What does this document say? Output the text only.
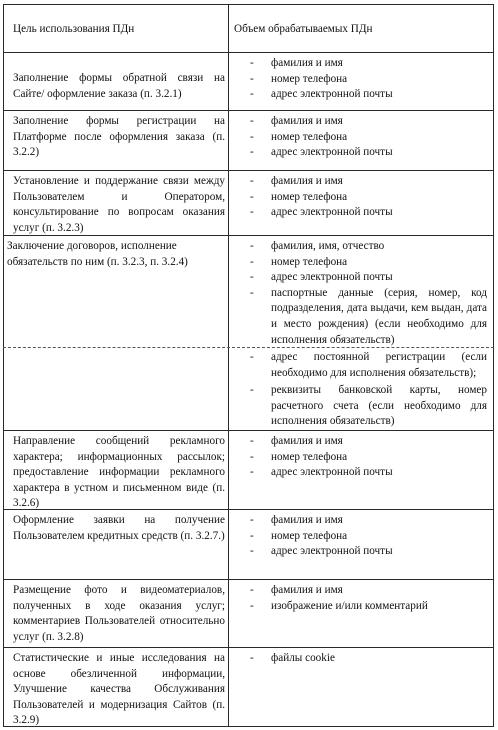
Цель использования ПДн	Объем обрабатываемых ПДн
Заполнение формы обратной связи на Сайте/ оформление заказа (п. 3.2.1)
- фамилия и имя
- номер телефона
- адрес электронной почты
Заполнение формы регистрации на Платформе после оформления заказа (п. 3.2.2)
- фамилия и имя
- номер телефона
- адрес электронной почты
Установление и поддержание связи между Пользователем и Оператором, консультирование по вопросам оказания услуг (п. 3.2.3)
- фамилия и имя
- номер телефона
- адрес электронной почты
Заключение договоров, исполнение обязательств по ним (п. 3.2.3, п. 3.2.4)
- фамилия, имя, отчество
- номер телефона
- адрес электронной почты
- паспортные данные (серия, номер, код подразделения, дата выдачи, кем выдан, дата и место рождения) (если необходимо для исполнения обязательств)
- адрес постоянной регистрации (если необходимо для исполнения обязательств);
- реквизиты банковской карты, номер расчетного счета (если необходимо для исполнения обязательств)
Направление сообщений рекламного характера; информационных рассылок; предоставление информации рекламного характера в устном и письменном виде (п. 3.2.6)
- фамилия и имя
- номер телефона
- адрес электронной почты
Оформление заявки на получение Пользователем кредитных средств (п. 3.2.7.)
- фамилия и имя
- номер телефона
- адрес электронной почты
Размещение фото и видеоматериалов, полученных в ходе оказания услуг; комментариев Пользователей относительно услуг (п. 3.2.8)
- фамилия и имя
- изображение и/или комментарий
Статистические и иные исследования на основе обезличенной информации, Улучшение качества Обслуживания Пользователей и модернизация Сайтов (п. 3.2.9)
- файлы cookie
